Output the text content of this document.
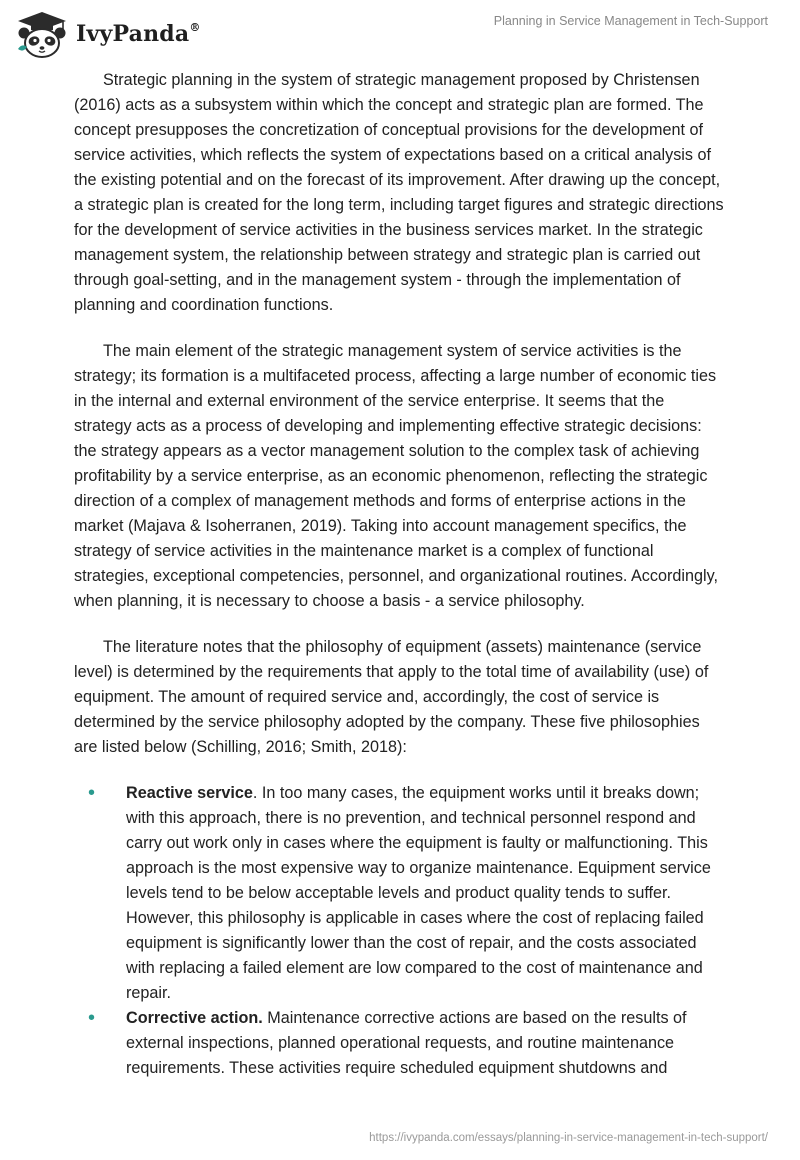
IvyPanda®	Planning in Service Management in Tech-Support

Strategic planning in the system of strategic management proposed by Christensen (2016) acts as a subsystem within which the concept and strategic plan are formed. The concept presupposes the concretization of conceptual provisions for the development of service activities, which reflects the system of expectations based on a critical analysis of the existing potential and on the forecast of its improvement. After drawing up the concept, a strategic plan is created for the long term, including target figures and strategic directions for the development of service activities in the business services market. In the strategic management system, the relationship between strategy and strategic plan is carried out through goal-setting, and in the management system - through the implementation of planning and coordination functions.

The main element of the strategic management system of service activities is the strategy; its formation is a multifaceted process, affecting a large number of economic ties in the internal and external environment of the service enterprise. It seems that the strategy acts as a process of developing and implementing effective strategic decisions: the strategy appears as a vector management solution to the complex task of achieving profitability by a service enterprise, as an economic phenomenon, reflecting the strategic direction of a complex of management methods and forms of enterprise actions in the market (Majava & Isoherranen, 2019). Taking into account management specifics, the strategy of service activities in the maintenance market is a complex of functional strategies, exceptional competencies, personnel, and organizational routines. Accordingly, when planning, it is necessary to choose a basis - a service philosophy.

The literature notes that the philosophy of equipment (assets) maintenance (service level) is determined by the requirements that apply to the total time of availability (use) of equipment. The amount of required service and, accordingly, the cost of service is determined by the service philosophy adopted by the company. These five philosophies are listed below (Schilling, 2016; Smith, 2018):

• Reactive service. In too many cases, the equipment works until it breaks down; with this approach, there is no prevention, and technical personnel respond and carry out work only in cases where the equipment is faulty or malfunctioning. This approach is the most expensive way to organize maintenance. Equipment service levels tend to be below acceptable levels and product quality tends to suffer. However, this philosophy is applicable in cases where the cost of replacing failed equipment is significantly lower than the cost of repair, and the costs associated with replacing a failed element are low compared to the cost of maintenance and repair.
• Corrective action. Maintenance corrective actions are based on the results of external inspections, planned operational requests, and routine maintenance requirements. These activities require scheduled equipment shutdowns and
https://ivypanda.com/essays/planning-in-service-management-in-tech-support/
